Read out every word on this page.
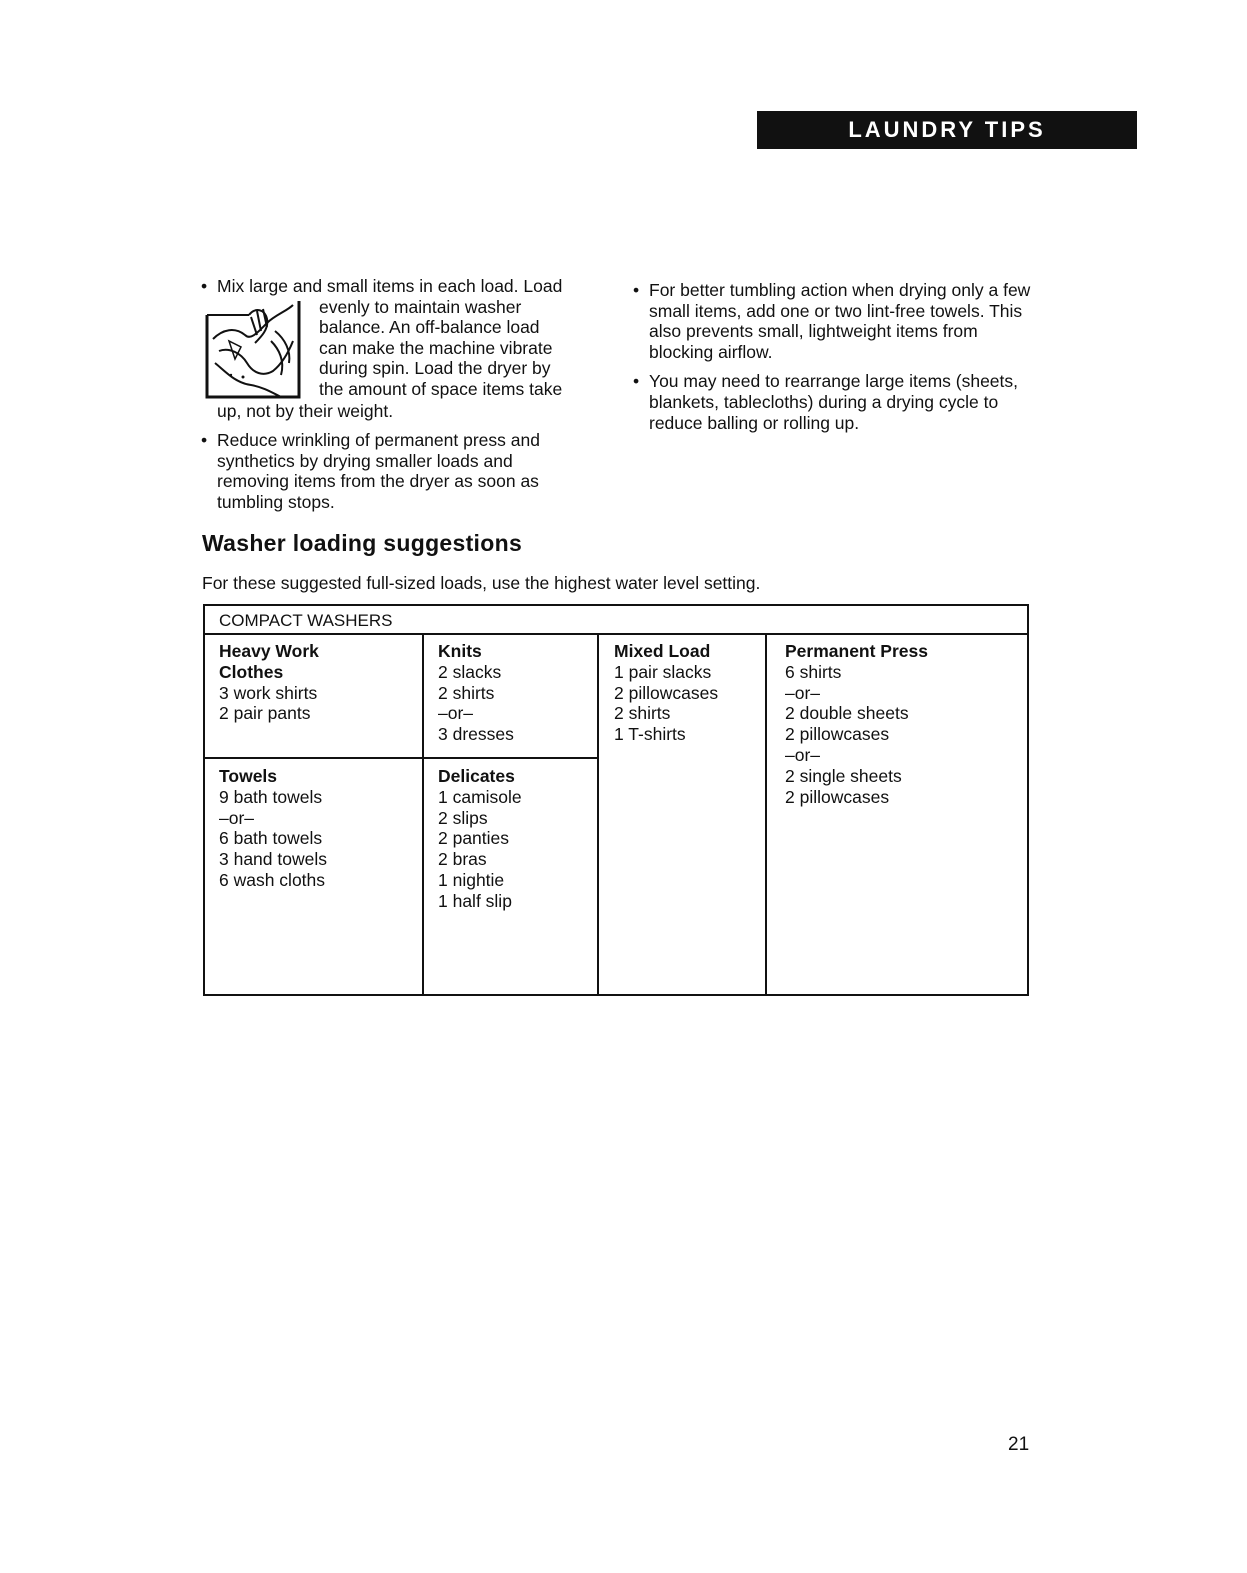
LAUNDRY TIPS
• Mix large and small items in each load. Load
evenly to maintain washer
balance. An off-balance load
can make the machine vibrate
during spin. Load the dryer by
the amount of space items take
up, not by their weight.
• Reduce wrinkling of permanent press and synthetics by drying smaller loads and removing items from the dryer as soon as tumbling stops.
• For better tumbling action when drying only a few small items, add one or two lint-free towels. This also prevents small, lightweight items from blocking airflow.
• You may need to rearrange large items (sheets, blankets, tablecloths) during a drying cycle to reduce balling or rolling up.
Washer loading suggestions
For these suggested full-sized loads, use the highest water level setting.
COMPACT WASHERS
Heavy Work
Clothes
3 work shirts
2 pair pants
Knits
2 slacks
2 shirts
–or–
3 dresses
Mixed Load
1 pair slacks
2 pillowcases
2 shirts
1 T-shirts
Permanent Press
6 shirts
–or–
2 double sheets
2 pillowcases
–or–
2 single sheets
2 pillowcases
Towels
9 bath towels
–or–
6 bath towels
3 hand towels
6 wash cloths
Delicates
1 camisole
2 slips
2 panties
2 bras
1 nightie
1 half slip
21
